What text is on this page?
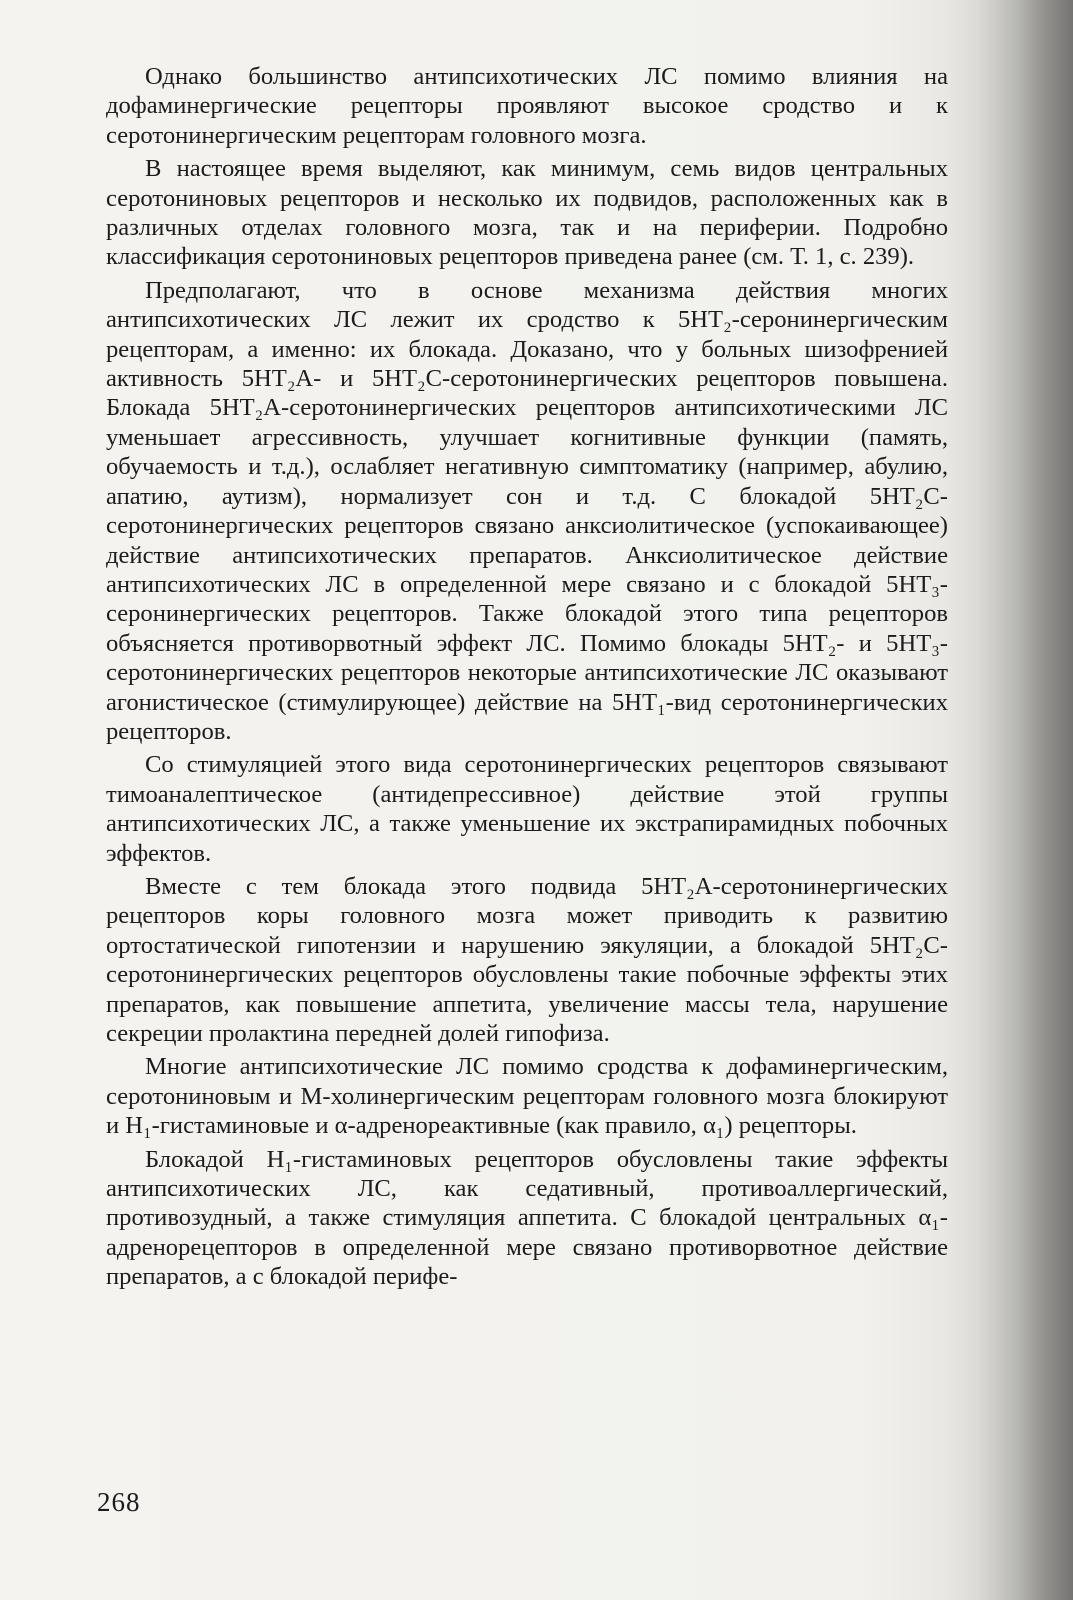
Однако большинство антипсихотических ЛС помимо влияния на дофаминергические рецепторы проявляют высокое сродство и к серотонинергическим рецепторам головного мозга.

В настоящее время выделяют, как минимум, семь видов центральных серотониновых рецепторов и несколько их подвидов, расположенных как в различных отделах головного мозга, так и на периферии. Подробно классификация серотониновых рецепторов приведена ранее (см. Т. 1, с. 239).

Предполагают, что в основе механизма действия многих антипсихотических ЛС лежит их сродство к 5HT₂-серонинергическим рецепторам, а именно: их блокада. Доказано, что у больных шизофренией активность 5HT₂A- и 5HT₂C-серотонинергических рецепторов повышена. Блокада 5HT₂A-серотонинергических рецепторов антипсихотическими ЛС уменьшает агрессивность, улучшает когнитивные функции (память, обучаемость и т.д.), ослабляет негативную симптоматику (например, абулию, апатию, аутизм), нормализует сон и т.д. С блокадой 5HT₂C-серотонинергических рецепторов связано анксиолитическое (успокаивающее) действие антипсихотических препаратов. Анксиолитическое действие антипсихотических ЛС в определенной мере связано и с блокадой 5HT₃-серонинергических рецепторов. Также блокадой этого типа рецепторов объясняется противорвотный эффект ЛС. Помимо блокады 5HT₂- и 5HT₃-серотонинергических рецепторов некоторые антипсихотические ЛС оказывают агонистическое (стимулирующее) действие на 5HT₁-вид серотонинергических рецепторов.

Со стимуляцией этого вида серотонинергических рецепторов связывают тимоаналептическое (антидепрессивное) действие этой группы антипсихотических ЛС, а также уменьшение их экстрапирамидных побочных эффектов.

Вместе с тем блокада этого подвида 5HT₂A-серотонинергических рецепторов коры головного мозга может приводить к развитию ортостатической гипотензии и нарушению эякуляции, а блокадой 5HT₂C-серотонинергических рецепторов обусловлены такие побочные эффекты этих препаратов, как повышение аппетита, увеличение массы тела, нарушение секреции пролактина передней долей гипофиза.

Многие антипсихотические ЛС помимо сродства к дофаминергическим, серотониновым и М-холинергическим рецепторам головного мозга блокируют и H₁-гистаминовые и α-адренореактивные (как правило, α₁) рецепторы.

Блокадой H₁-гистаминовых рецепторов обусловлены такие эффекты антипсихотических ЛС, как седативный, противоаллергический, противозудный, а также стимуляция аппетита. С блокадой центральных α₁-адренорецепторов в определенной мере связано противорвотное действие препаратов, а с блокадой перифе-

268
